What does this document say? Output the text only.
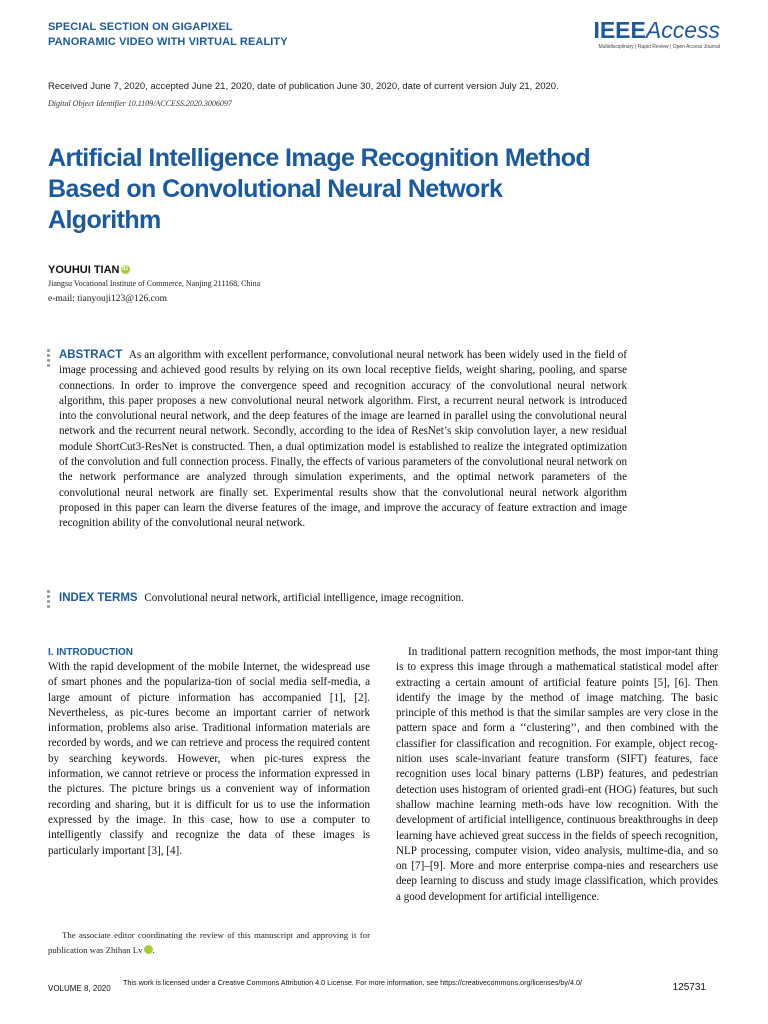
SPECIAL SECTION ON GIGAPIXEL
PANORAMIC VIDEO WITH VIRTUAL REALITY	IEEEAccess
Multidisciplinary | Rapid Review | Open Access Journal
Received June 7, 2020, accepted June 21, 2020, date of publication June 30, 2020, date of current version July 21, 2020.
Digital Object Identifier 10.1109/ACCESS.2020.3006097
Artificial Intelligence Image Recognition Method Based on Convolutional Neural Network Algorithm
YOUHUI TIAN iD
Jiangsu Vocational Institute of Commerce, Nanjing 211168, China
e-mail: tianyouji123@126.com
ABSTRACT As an algorithm with excellent performance, convolutional neural network has been widely used in the field of image processing and achieved good results by relying on its own local receptive fields, weight sharing, pooling, and sparse connections. In order to improve the convergence speed and recognition accuracy of the convolutional neural network algorithm, this paper proposes a new convolutional neural network algorithm. First, a recurrent neural network is introduced into the convolutional neural network, and the deep features of the image are learned in parallel using the convolutional neural network and the recurrent neural network. Secondly, according to the idea of ResNet’s skip convolution layer, a new residual module ShortCut3-ResNet is constructed. Then, a dual optimization model is established to realize the integrated optimization of the convolution and full connection process. Finally, the effects of various parameters of the convolutional neural network on the network performance are analyzed through simulation experiments, and the optimal network parameters of the convolutional neural network are finally set. Experimental results show that the convolutional neural network algorithm proposed in this paper can learn the diverse features of the image, and improve the accuracy of feature extraction and image recognition ability of the convolutional neural network.
INDEX TERMS Convolutional neural network, artificial intelligence, image recognition.
I. INTRODUCTION

With the rapid development of the mobile Internet, the widespread use of smart phones and the populariza-tion of social media self-media, a large amount of picture information has accompanied [1], [2]. Nevertheless, as pic-tures become an important carrier of network information, problems also arise. Traditional information materials are recorded by words, and we can retrieve and process the required content by searching keywords. However, when pic-tures express the information, we cannot retrieve or process the information expressed in the pictures. The picture brings us a convenient way of information recording and sharing, but it is difficult for us to use the information expressed by the image. In this case, how to use a computer to intelligently classify and recognize the data of these images is particularly important [3], [4].

In traditional pattern recognition methods, the most impor-tant thing is to express this image through a mathematical statistical model after extracting a certain amount of artificial feature points [5], [6]. Then identify the image by the method of image matching. The basic principle of this method is that the similar samples are very close in the pattern space and form a ‘‘clustering’’, and then combined with the classifier for classification and recognition. For example, object recog-nition uses scale-invariant feature transform (SIFT) features, face recognition uses local binary patterns (LBP) features, and pedestrian detection uses histogram of oriented gradi-ent (HOG) features, but such shallow machine learning meth-ods have low recognition. With the development of artificial intelligence, continuous breakthroughs in deep learning have achieved great success in the fields of speech recognition, NLP processing, computer vision, video analysis, multime-dia, and so on [7]–[9]. More and more enterprise compa-nies and researchers use deep learning to discuss and study image classification, which provides a good development for artificial intelligence.

The associate editor coordinating the review of this manuscript and approving it for publication was Zhihan Lv	iD.
VOLUME 8, 2020
This work is licensed under a Creative Commons Attribution 4.0 License. For more information, see https://creativecommons.org/licenses/by/4.0/	125731
